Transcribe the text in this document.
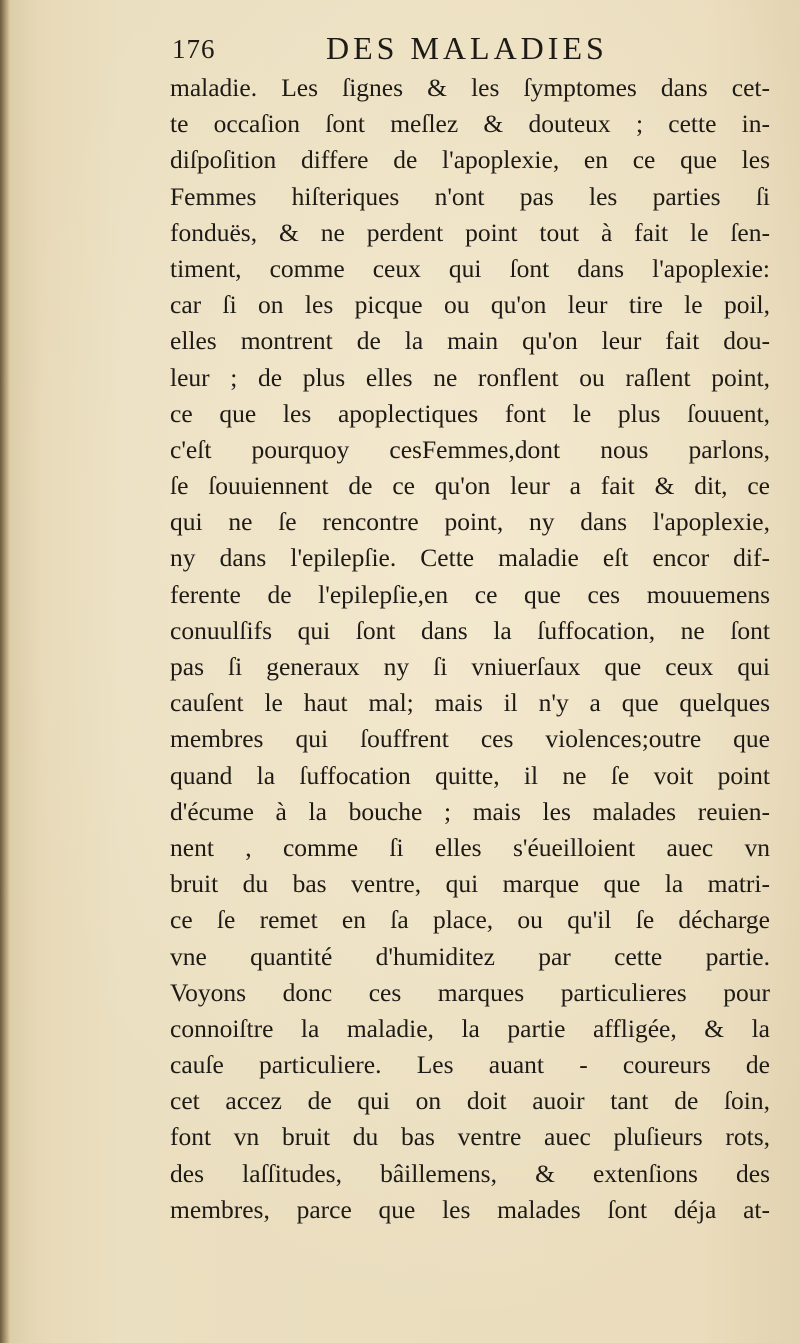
176	DES MALADIES
maladie. Les ſignes & les ſymptomes dans cet-
te occaſion ſont meſlez & douteux ; cette in-
diſpoſition differe de l'apoplexie, en ce que les
Femmes hiſteriques n'ont pas les parties ſi
fonduës, & ne perdent point tout à fait le ſen-
timent, comme ceux qui ſont dans l'apoplexie:
car ſi on les picque ou qu'on leur tire le poil,
elles montrent de la main qu'on leur fait dou-
leur ; de plus elles ne ronflent ou raſlent point,
ce que les apoplectiques font le plus ſouuent,
c'eſt pourquoy cesFemmes,dont nous parlons,
ſe ſouuiennent de ce qu'on leur a fait & dit, ce
qui ne ſe rencontre point, ny dans l'apoplexie,
ny dans l'epilepſie. Cette maladie eſt encor dif-
ferente de l'epilepſie,en ce que ces mouuemens
conuulſifs qui ſont dans la ſuffocation, ne ſont
pas ſi generaux ny ſi vniuerſaux que ceux qui
cauſent le haut mal; mais il n'y a que quelques
membres qui ſouffrent ces violences;outre que
quand la ſuffocation quitte, il ne ſe voit point
d'écume à la bouche ; mais les malades reuien-
nent , comme ſi elles s'éueilloient auec vn
bruit du bas ventre, qui marque que la matri-
ce ſe remet en ſa place, ou qu'il ſe décharge
vne quantité d'humiditez par cette partie.
Voyons donc ces marques particulieres pour
connoiſtre la maladie, la partie affligée, & la
cauſe particuliere. Les auant - coureurs de
cet accez de qui on doit auoir tant de ſoin,
font vn bruit du bas ventre auec pluſieurs rots,
des laſſitudes, bâillemens, & extenſions des
membres, parce que les malades ſont déja at-
